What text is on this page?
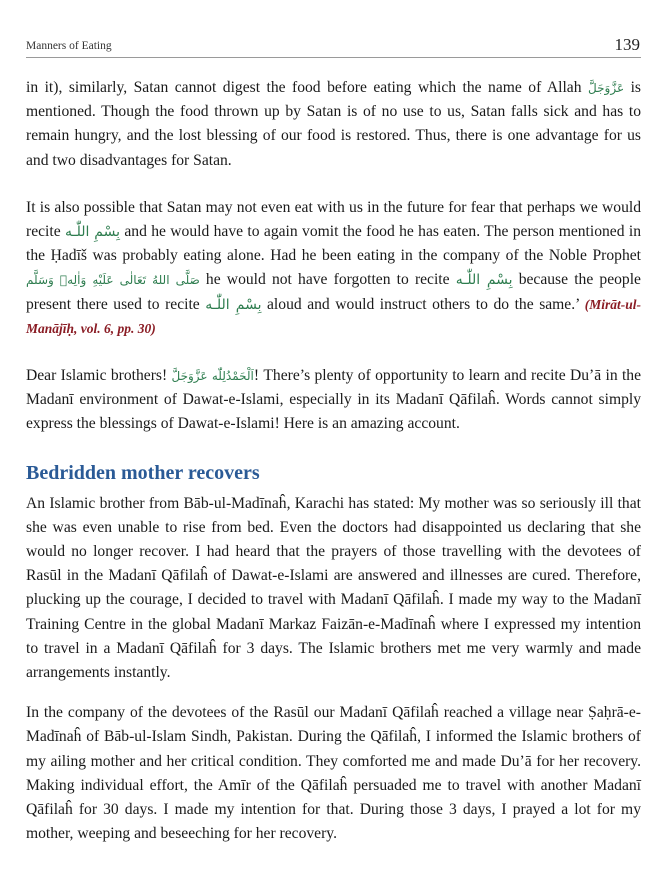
Manners of Eating	139

in it), similarly, Satan cannot digest the food before eating which the name of Allah عَزَّوَجَلَّ is mentioned. Though the food thrown up by Satan is of no use to us, Satan falls sick and has to remain hungry, and the lost blessing of our food is restored. Thus, there is one advantage for us and two disadvantages for Satan.

It is also possible that Satan may not even eat with us in the future for fear that perhaps we would recite بِسْمِ اللّٰـه and he would have to again vomit the food he has eaten. The person mentioned in the Ḥadīš was probably eating alone. Had he been eating in the company of the Noble Prophet صَلَّى اللهُ تَعَالٰى عَلَيْهِ وَاٰلِهٖ وَسَلَّم he would not have forgotten to recite بِسْمِ اللّٰـه because the people present there used to recite بِسْمِ اللّٰـه aloud and would instruct others to do the same.’ (Mirāt-ul-Manājīḥ, vol. 6, pp. 30)

Dear Islamic brothers! اَلْحَمْدُلِلّٰه عَزَّوَجَلَّ! There’s plenty of opportunity to learn and recite Du’ā in the Madanī environment of Dawat-e-Islami, especially in its Madanī Qāfilaĥ. Words cannot simply express the blessings of Dawat-e-Islami! Here is an amazing account.

Bedridden mother recovers

An Islamic brother from Bāb-ul-Madīnaĥ, Karachi has stated: My mother was so seriously ill that she was even unable to rise from bed. Even the doctors had disappointed us declaring that she would no longer recover. I had heard that the prayers of those travelling with the devotees of Rasūl in the Madanī Qāfilaĥ of Dawat-e-Islami are answered and illnesses are cured. Therefore, plucking up the courage, I decided to travel with Madanī Qāfilaĥ. I made my way to the Madanī Training Centre in the global Madanī Markaz Faizān-e-Madīnaĥ where I expressed my intention to travel in a Madanī Qāfilaĥ for 3 days. The Islamic brothers met me very warmly and made arrangements instantly.

In the company of the devotees of the Rasūl our Madanī Qāfilaĥ reached a village near Ṣaḥrā-e-Madīnaĥ of Bāb-ul-Islam Sindh, Pakistan. During the Qāfilaĥ, I informed the Islamic brothers of my ailing mother and her critical condition. They comforted me and made Du’ā for her recovery. Making individual effort, the Amīr of the Qāfilaĥ persuaded me to travel with another Madanī Qāfilaĥ for 30 days. I made my intention for that. During those 3 days, I prayed a lot for my mother, weeping and beseeching for her recovery.
